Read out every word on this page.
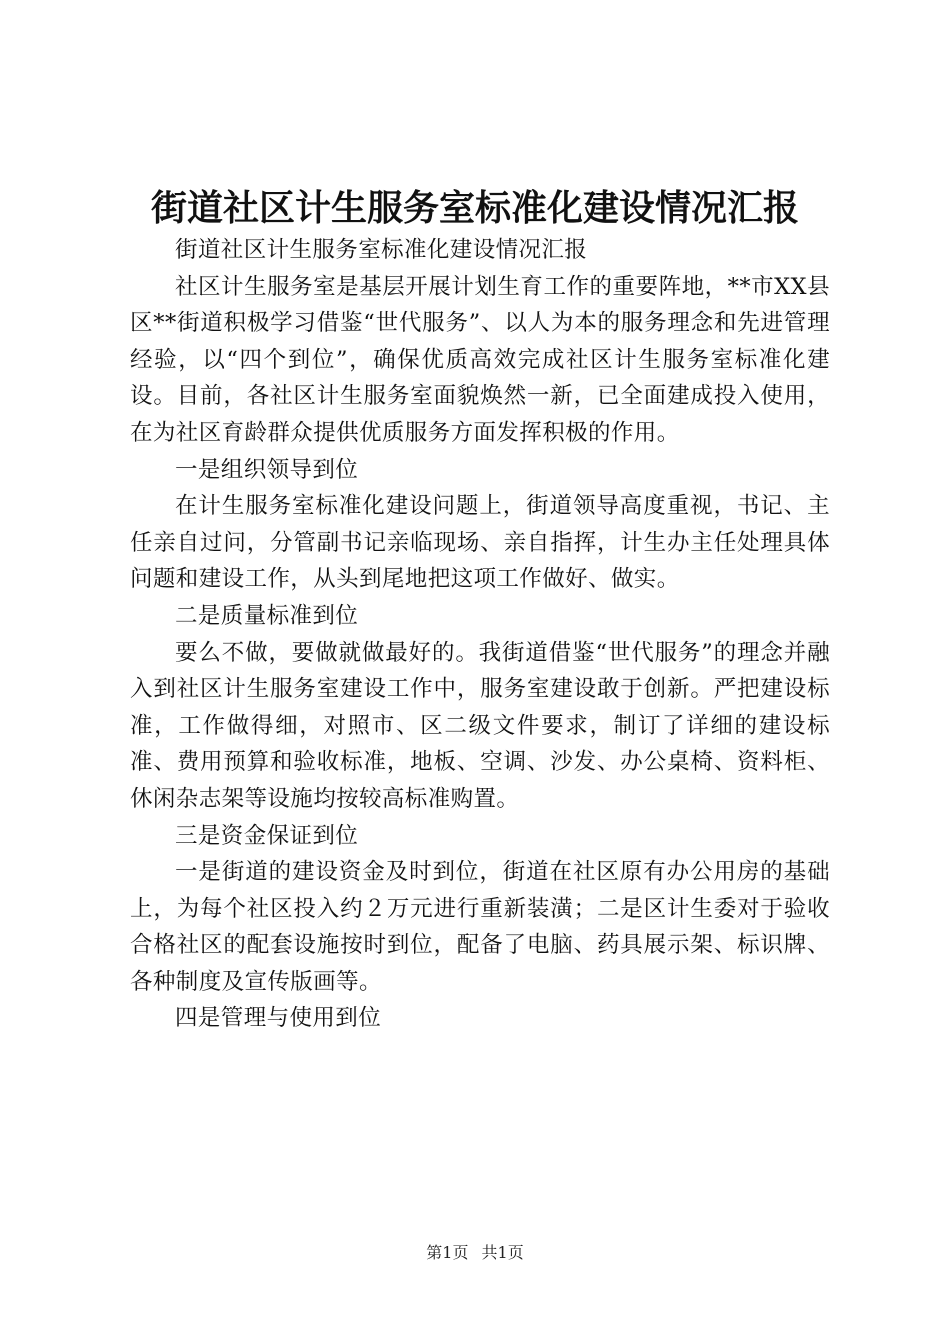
街道社区计生服务室标准化建设情况汇报

街道社区计生服务室标准化建设情况汇报

社区计生服务室是基层开展计划生育工作的重要阵地，**市XX县区**街道积极学习借鉴“世代服务”、以人为本的服务理念和先进管理经验，以“四个到位”，确保优质高效完成社区计生服务室标准化建设。目前，各社区计生服务室面貌焕然一新，已全面建成投入使用，在为社区育龄群众提供优质服务方面发挥积极的作用。

一是组织领导到位

在计生服务室标准化建设问题上，街道领导高度重视，书记、主任亲自过问，分管副书记亲临现场、亲自指挥，计生办主任处理具体问题和建设工作，从头到尾地把这项工作做好、做实。

二是质量标准到位

要么不做，要做就做最好的。我街道借鉴“世代服务”的理念并融入到社区计生服务室建设工作中，服务室建设敢于创新。严把建设标准，工作做得细，对照市、区二级文件要求，制订了详细的建设标准、费用预算和验收标准，地板、空调、沙发、办公桌椅、资料柜、休闲杂志架等设施均按较高标准购置。

三是资金保证到位

一是街道的建设资金及时到位，街道在社区原有办公用房的基础上，为每个社区投入约２万元进行重新装潢；二是区计生委对于验收合格社区的配套设施按时到位，配备了电脑、药具展示架、标识牌、各种制度及宣传版画等。

四是管理与使用到位

第1页 共1页
